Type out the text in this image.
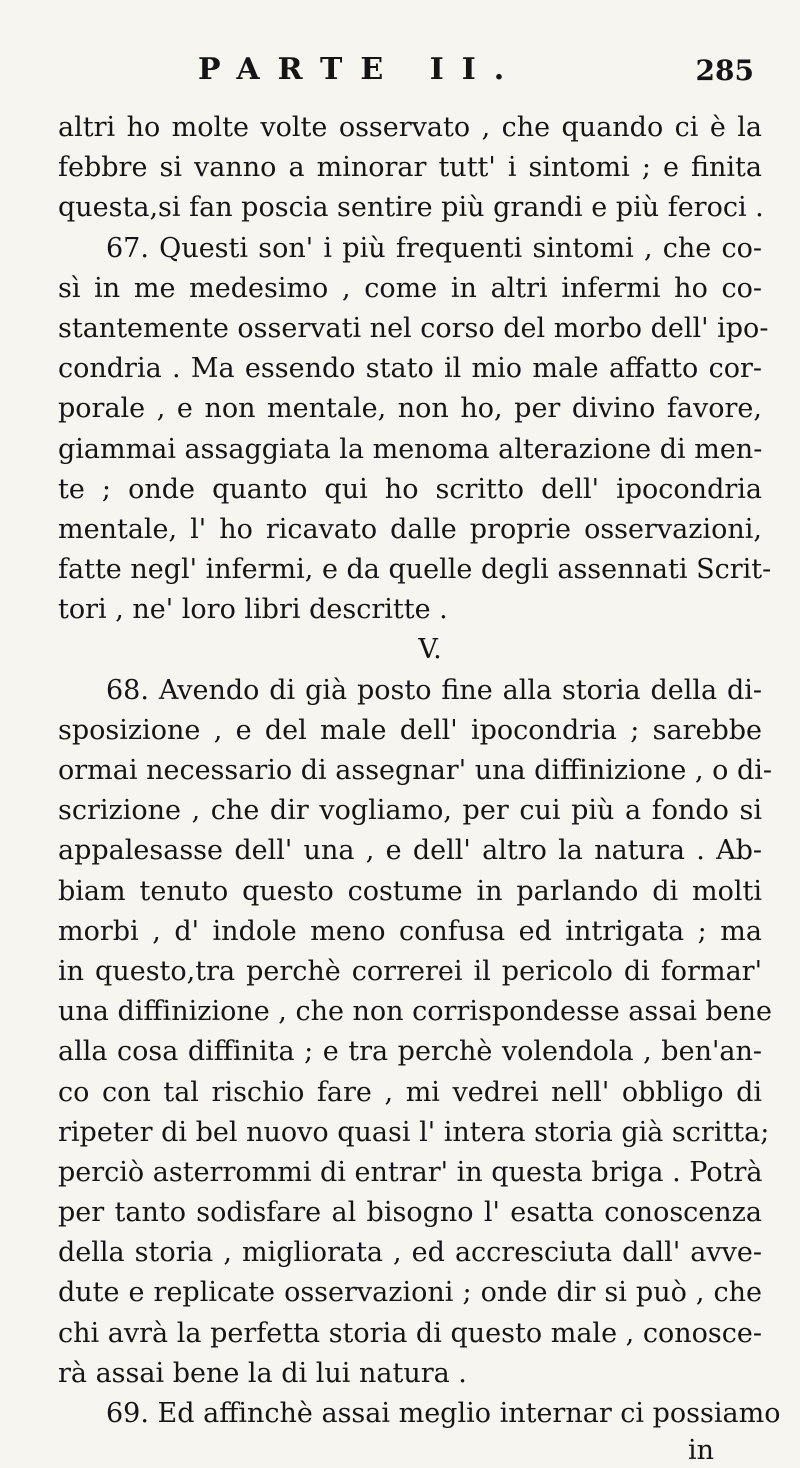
PARTE II.	285
altri ho molte volte osservato , che quando ci è la
febbre si vanno a minorar tutt' i sintomi ; e finita
questa,si fan poscia sentire più grandi e più feroci .
67. Questi son' i più frequenti sintomi , che co-
sì in me medesimo , come in altri infermi ho co-
stantemente osservati nel corso del morbo dell' ipo-
condria . Ma essendo stato il mio male affatto cor-
porale , e non mentale, non ho, per divino favore,
giammai assaggiata la menoma alterazione di men-
te ; onde quanto qui ho scritto dell' ipocondria
mentale, l' ho ricavato dalle proprie osservazioni,
fatte negl' infermi, e da quelle degli assennati Scrit-
tori , ne' loro libri descritte .
V.
68. Avendo di già posto fine alla storia della di-
sposizione , e del male dell' ipocondria ; sarebbe
ormai necessario di assegnar' una diffinizione , o di-
scrizione , che dir vogliamo, per cui più a fondo si
appalesasse dell' una , e dell' altro la natura . Ab-
biam tenuto questo costume in parlando di molti
morbi , d' indole meno confusa ed intrigata ; ma
in questo,tra perchè correrei il pericolo di formar'
una diffinizione , che non corrispondesse assai bene
alla cosa diffinita ; e tra perchè volendola , ben'an-
co con tal rischio fare , mi vedrei nell' obbligo di
ripeter di bel nuovo quasi l' intera storia già scritta;
perciò asterrommi di entrar' in questa briga . Potrà
per tanto sodisfare al bisogno l' esatta conoscenza
della storia , migliorata , ed accresciuta dall' avve-
dute e replicate osservazioni ; onde dir si può , che
chi avrà la perfetta storia di questo male , conosce-
rà assai bene la di lui natura .
69. Ed affinchè assai meglio internar ci possiamo
in
